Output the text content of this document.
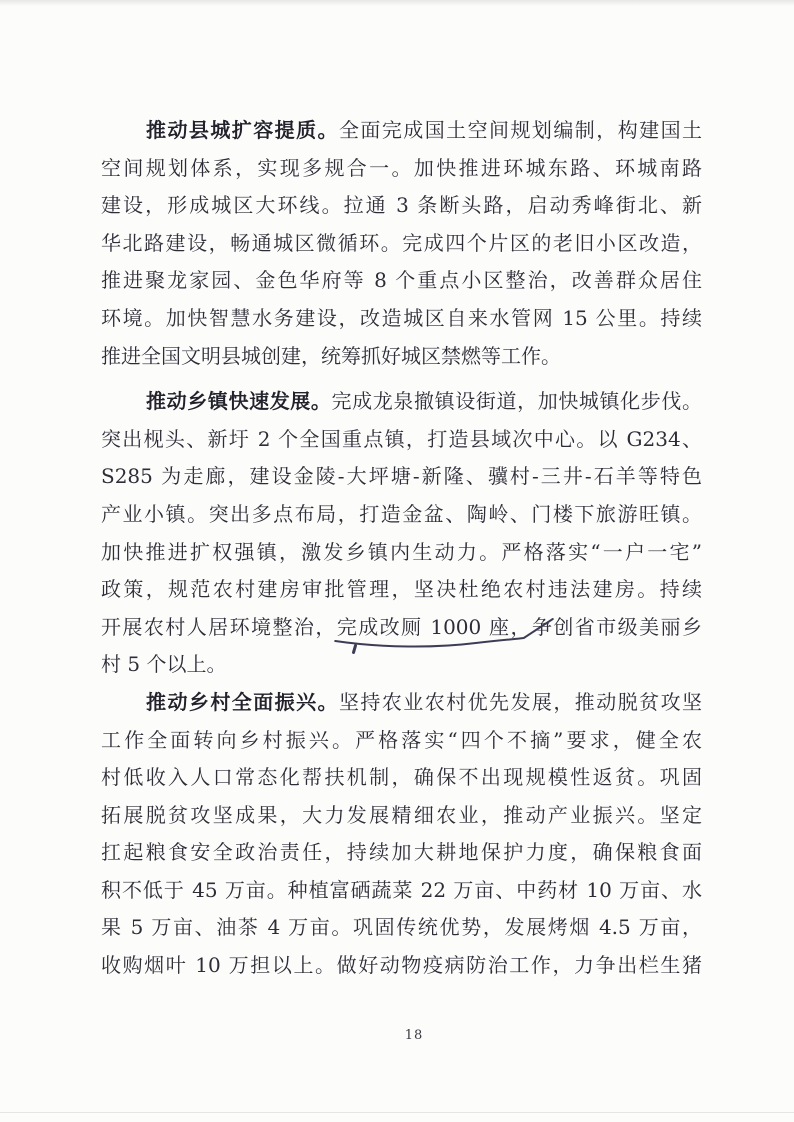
推动县城扩容提质。全面完成国土空间规划编制，构建国土
空间规划体系，实现多规合一。加快推进环城东路、环城南路
建设，形成城区大环线。拉通 3 条断头路，启动秀峰街北、新
华北路建设，畅通城区微循环。完成四个片区的老旧小区改造，
推进聚龙家园、金色华府等 8 个重点小区整治，改善群众居住
环境。加快智慧水务建设，改造城区自来水管网 15 公里。持续
推进全国文明县城创建，统筹抓好城区禁燃等工作。
推动乡镇快速发展。完成龙泉撤镇设街道，加快城镇化步伐。
突出枧头、新圩 2 个全国重点镇，打造县域次中心。以 G234、
S285 为走廊，建设金陵-大坪塘-新隆、骥村-三井-石羊等特色
产业小镇。突出多点布局，打造金盆、陶岭、门楼下旅游旺镇。
加快推进扩权强镇，激发乡镇内生动力。严格落实“一户一宅”
政策，规范农村建房审批管理，坚决杜绝农村违法建房。持续
开展农村人居环境整治，完成改厕 1000 座，
争创省市级美丽乡
村 5 个以上。
推动乡村全面振兴。坚持农业农村优先发展，推动脱贫攻坚
工作全面转向乡村振兴。严格落实“四个不摘”要求，健全农
村低收入人口常态化帮扶机制，确保不出现规模性返贫。巩固
拓展脱贫攻坚成果，大力发展精细农业，推动产业振兴。坚定
扛起粮食安全政治责任，持续加大耕地保护力度，确保粮食面
积不低于 45 万亩。种植富硒蔬菜 22 万亩、中药材 10 万亩、水
果 5 万亩、油茶 4 万亩。巩固传统优势，发展烤烟 4.5 万亩，
收购烟叶 10 万担以上。做好动物疫病防治工作，力争出栏生猪
18
